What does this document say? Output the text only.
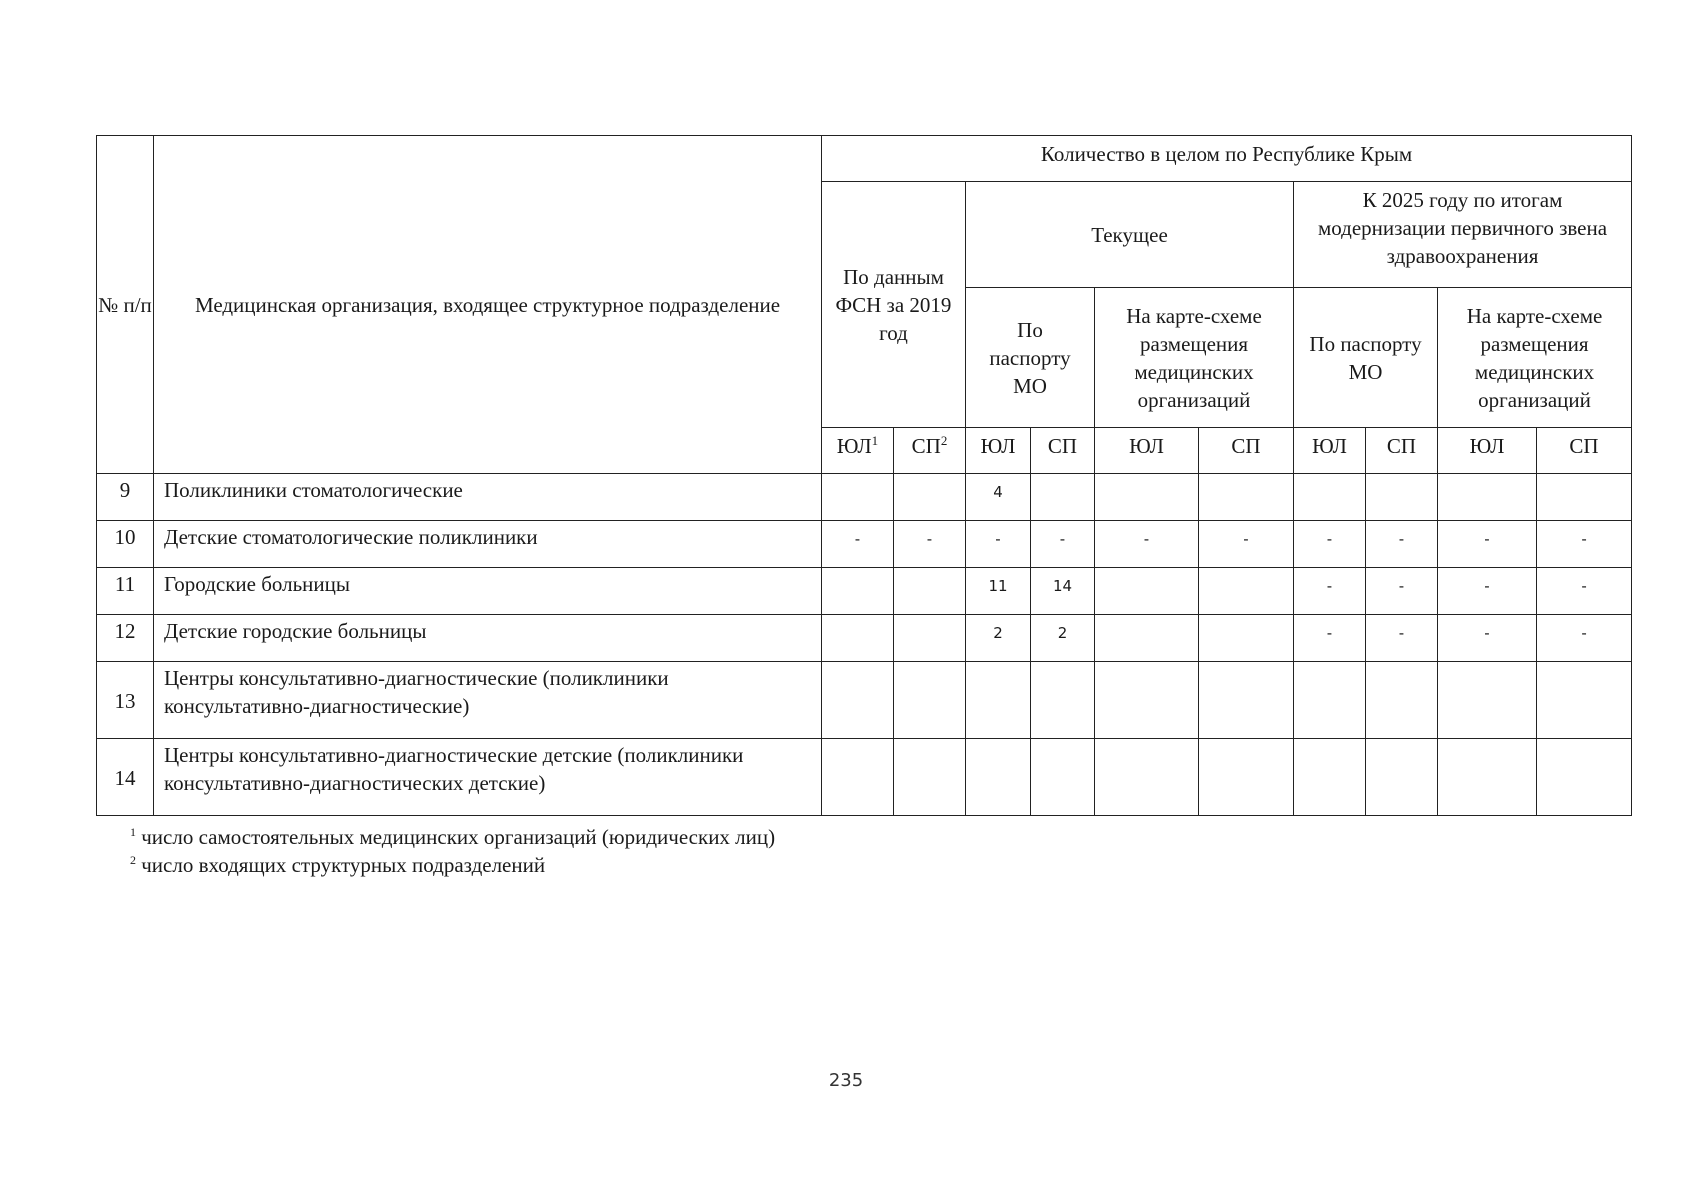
№ п/п	Медицинская организация, входящее структурное подразделение	Количество в целом по Республике Крым									

		По данным ФСН за 2019 год		Текущее				К 2025 году по итогам модернизации первичного звена здравоохранения			

				По паспорту МО		На карте-схеме размещения медицинских организаций		По паспорту МО		На карте-схеме размещения медицинских организаций	

		$ЮЛ^1$	$СП^2$	ЮЛ	СП	ЮЛ	СП	ЮЛ	СП	ЮЛ	СП

9	Поликлиники стоматологические			4							
10	Детские стоматологические поликлиники	-	-	-	-	-	-	-	-	-	-
11	Городские больницы			11	14			-	-	-	-
12	Детские городские больницы			2	2			-	-	-	-
13	Центры консультативно-диагностические (поликлиники консультативно-диагностические)										
14	Центры консультативно-диагностические детские (поликлиники консультативно-диагностических детские)										
$^1$ число самостоятельных медицинских организаций (юридических лиц)
$^2$ число входящих структурных подразделений
235
